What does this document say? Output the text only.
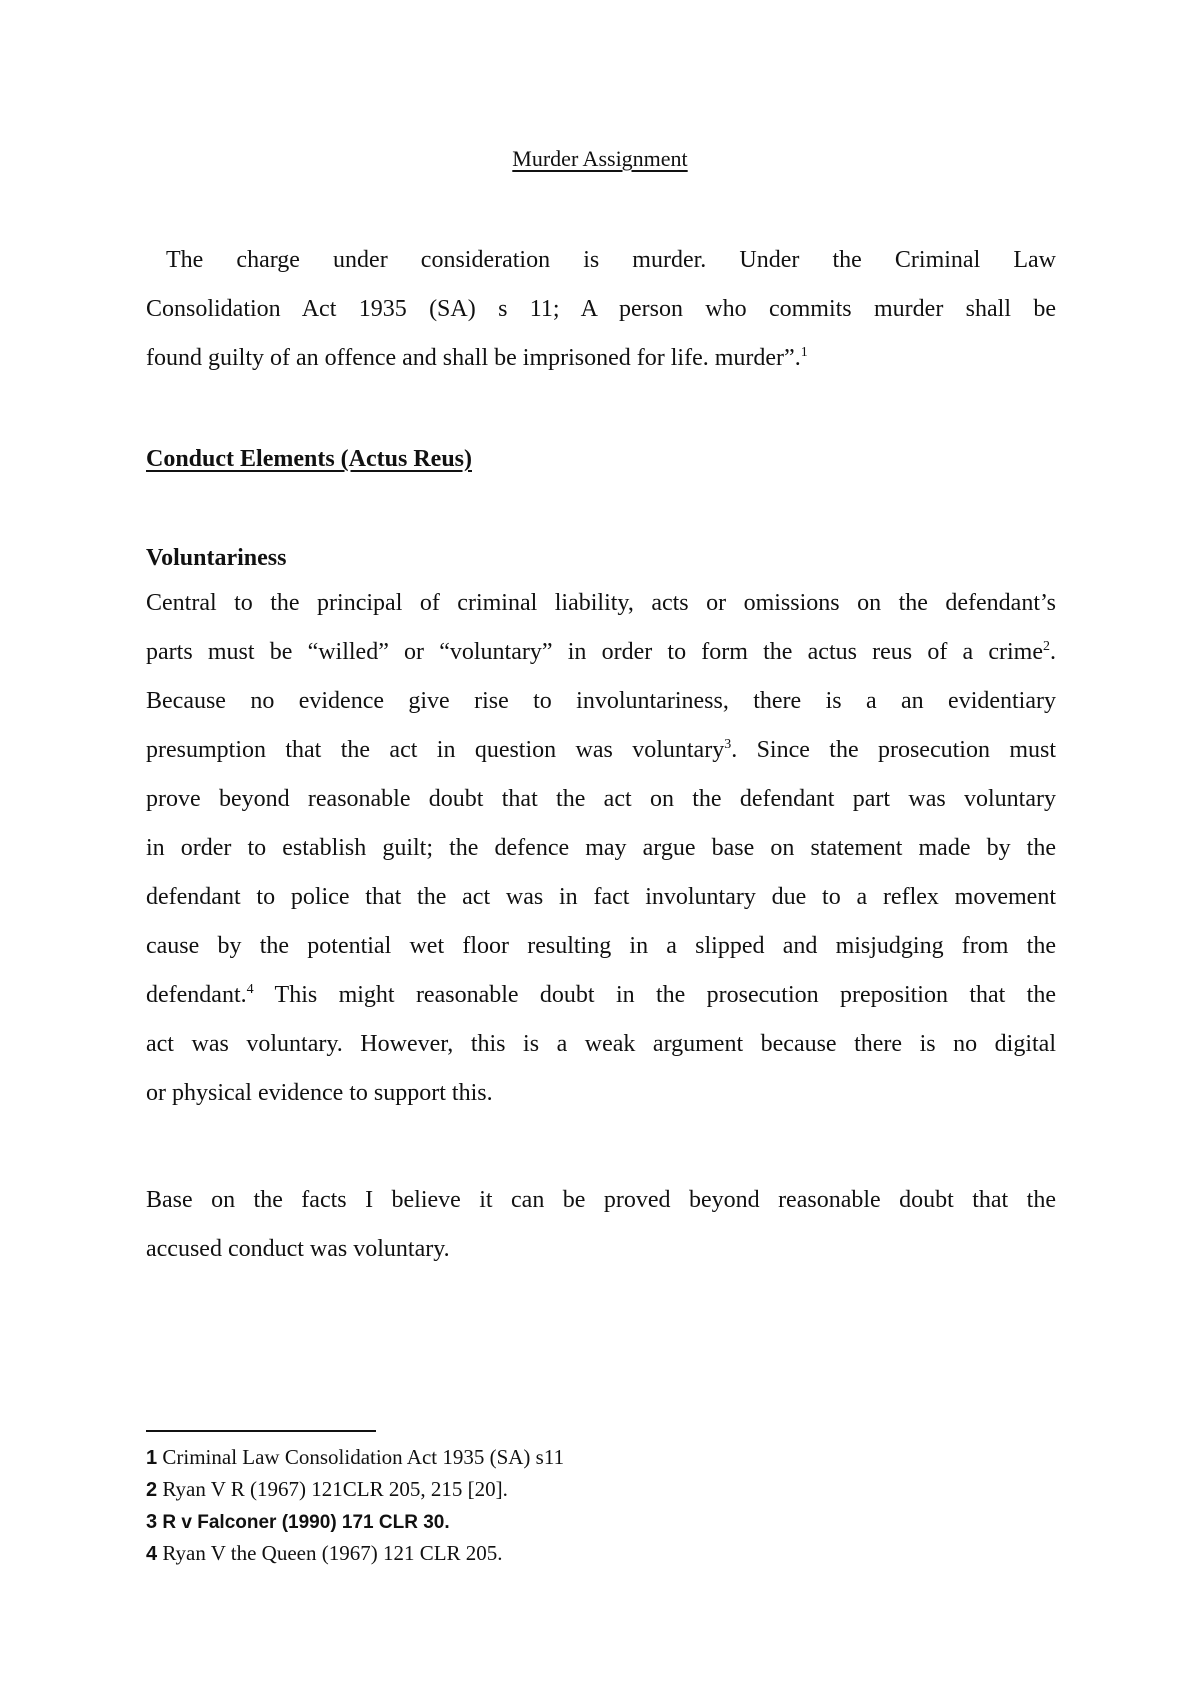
Murder Assignment

The charge under consideration is murder. Under the Criminal Law
Consolidation Act 1935 (SA) s 11; A person who commits murder shall be
found guilty of an offence and shall be imprisoned for life. murder”.$^1$

Conduct Elements (Actus Reus)

Voluntariness

Central to the principal of criminal liability, acts or omissions on the defendant’s
parts must be “willed” or “voluntary” in order to form the actus reus of a crime$^2$.
Because no evidence give rise to involuntariness, there is a an evidentiary
presumption that the act in question was voluntary$^3$. Since the prosecution must
prove beyond reasonable doubt that the act on the defendant part was voluntary
in order to establish guilt; the defence may argue base on statement made by the
defendant to police that the act was in fact involuntary due to a reflex movement
cause by the potential wet floor resulting in a slipped and misjudging from the
defendant.$^4$ This might reasonable doubt in the prosecution preposition that the
act was voluntary. However, this is a weak argument because there is no digital
or physical evidence to support this.

Base on the facts I believe it can be proved beyond reasonable doubt that the
accused conduct was voluntary.

1 Criminal Law Consolidation Act 1935 (SA) s11
2 Ryan V R (1967) 121CLR 205, 215 [20].
3 R v Falconer (1990) 171 CLR 30.
4 Ryan V the Queen (1967) 121 CLR 205.
